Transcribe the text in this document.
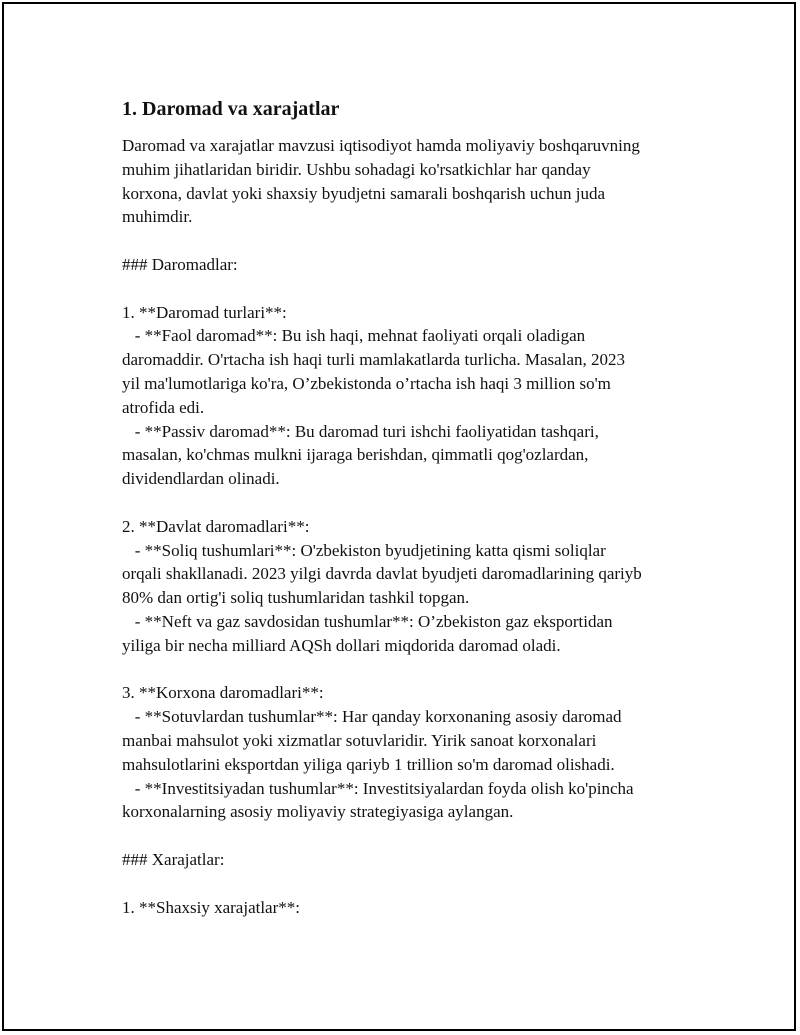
1. Daromad va xarajatlar

Daromad va xarajatlar mavzusi iqtisodiyot hamda moliyaviy boshqaruvning

muhim jihatlaridan biridir. Ushbu sohadagi ko'rsatkichlar har qanday

korxona, davlat yoki shaxsiy byudjetni samarali boshqarish uchun juda

muhimdir.

### Daromadlar:

1. **Daromad turlari**:

- **Faol daromad**: Bu ish haqi, mehnat faoliyati orqali oladigan

daromaddir. O'rtacha ish haqi turli mamlakatlarda turlicha. Masalan, 2023

yil ma'lumotlariga ko'ra, O’zbekistonda o’rtacha ish haqi 3 million so'm

atrofida edi.

- **Passiv daromad**: Bu daromad turi ishchi faoliyatidan tashqari,

masalan, ko'chmas mulkni ijaraga berishdan, qimmatli qog'ozlardan,

dividendlardan olinadi.

2. **Davlat daromadlari**:

- **Soliq tushumlari**: O'zbekiston byudjetining katta qismi soliqlar

orqali shakllanadi. 2023 yilgi davrda davlat byudjeti daromadlarining qariyb

80% dan ortig'i soliq tushumlaridan tashkil topgan.

- **Neft va gaz savdosidan tushumlar**: O’zbekiston gaz eksportidan

yiliga bir necha milliard AQSh dollari miqdorida daromad oladi.

3. **Korxona daromadlari**:

- **Sotuvlardan tushumlar**: Har qanday korxonaning asosiy daromad

manbai mahsulot yoki xizmatlar sotuvlaridir. Yirik sanoat korxonalari

mahsulotlarini eksportdan yiliga qariyb 1 trillion so'm daromad olishadi.

- **Investitsiyadan tushumlar**: Investitsiyalardan foyda olish ko'pincha

korxonalarning asosiy moliyaviy strategiyasiga aylangan.

### Xarajatlar:

1. **Shaxsiy xarajatlar**:
